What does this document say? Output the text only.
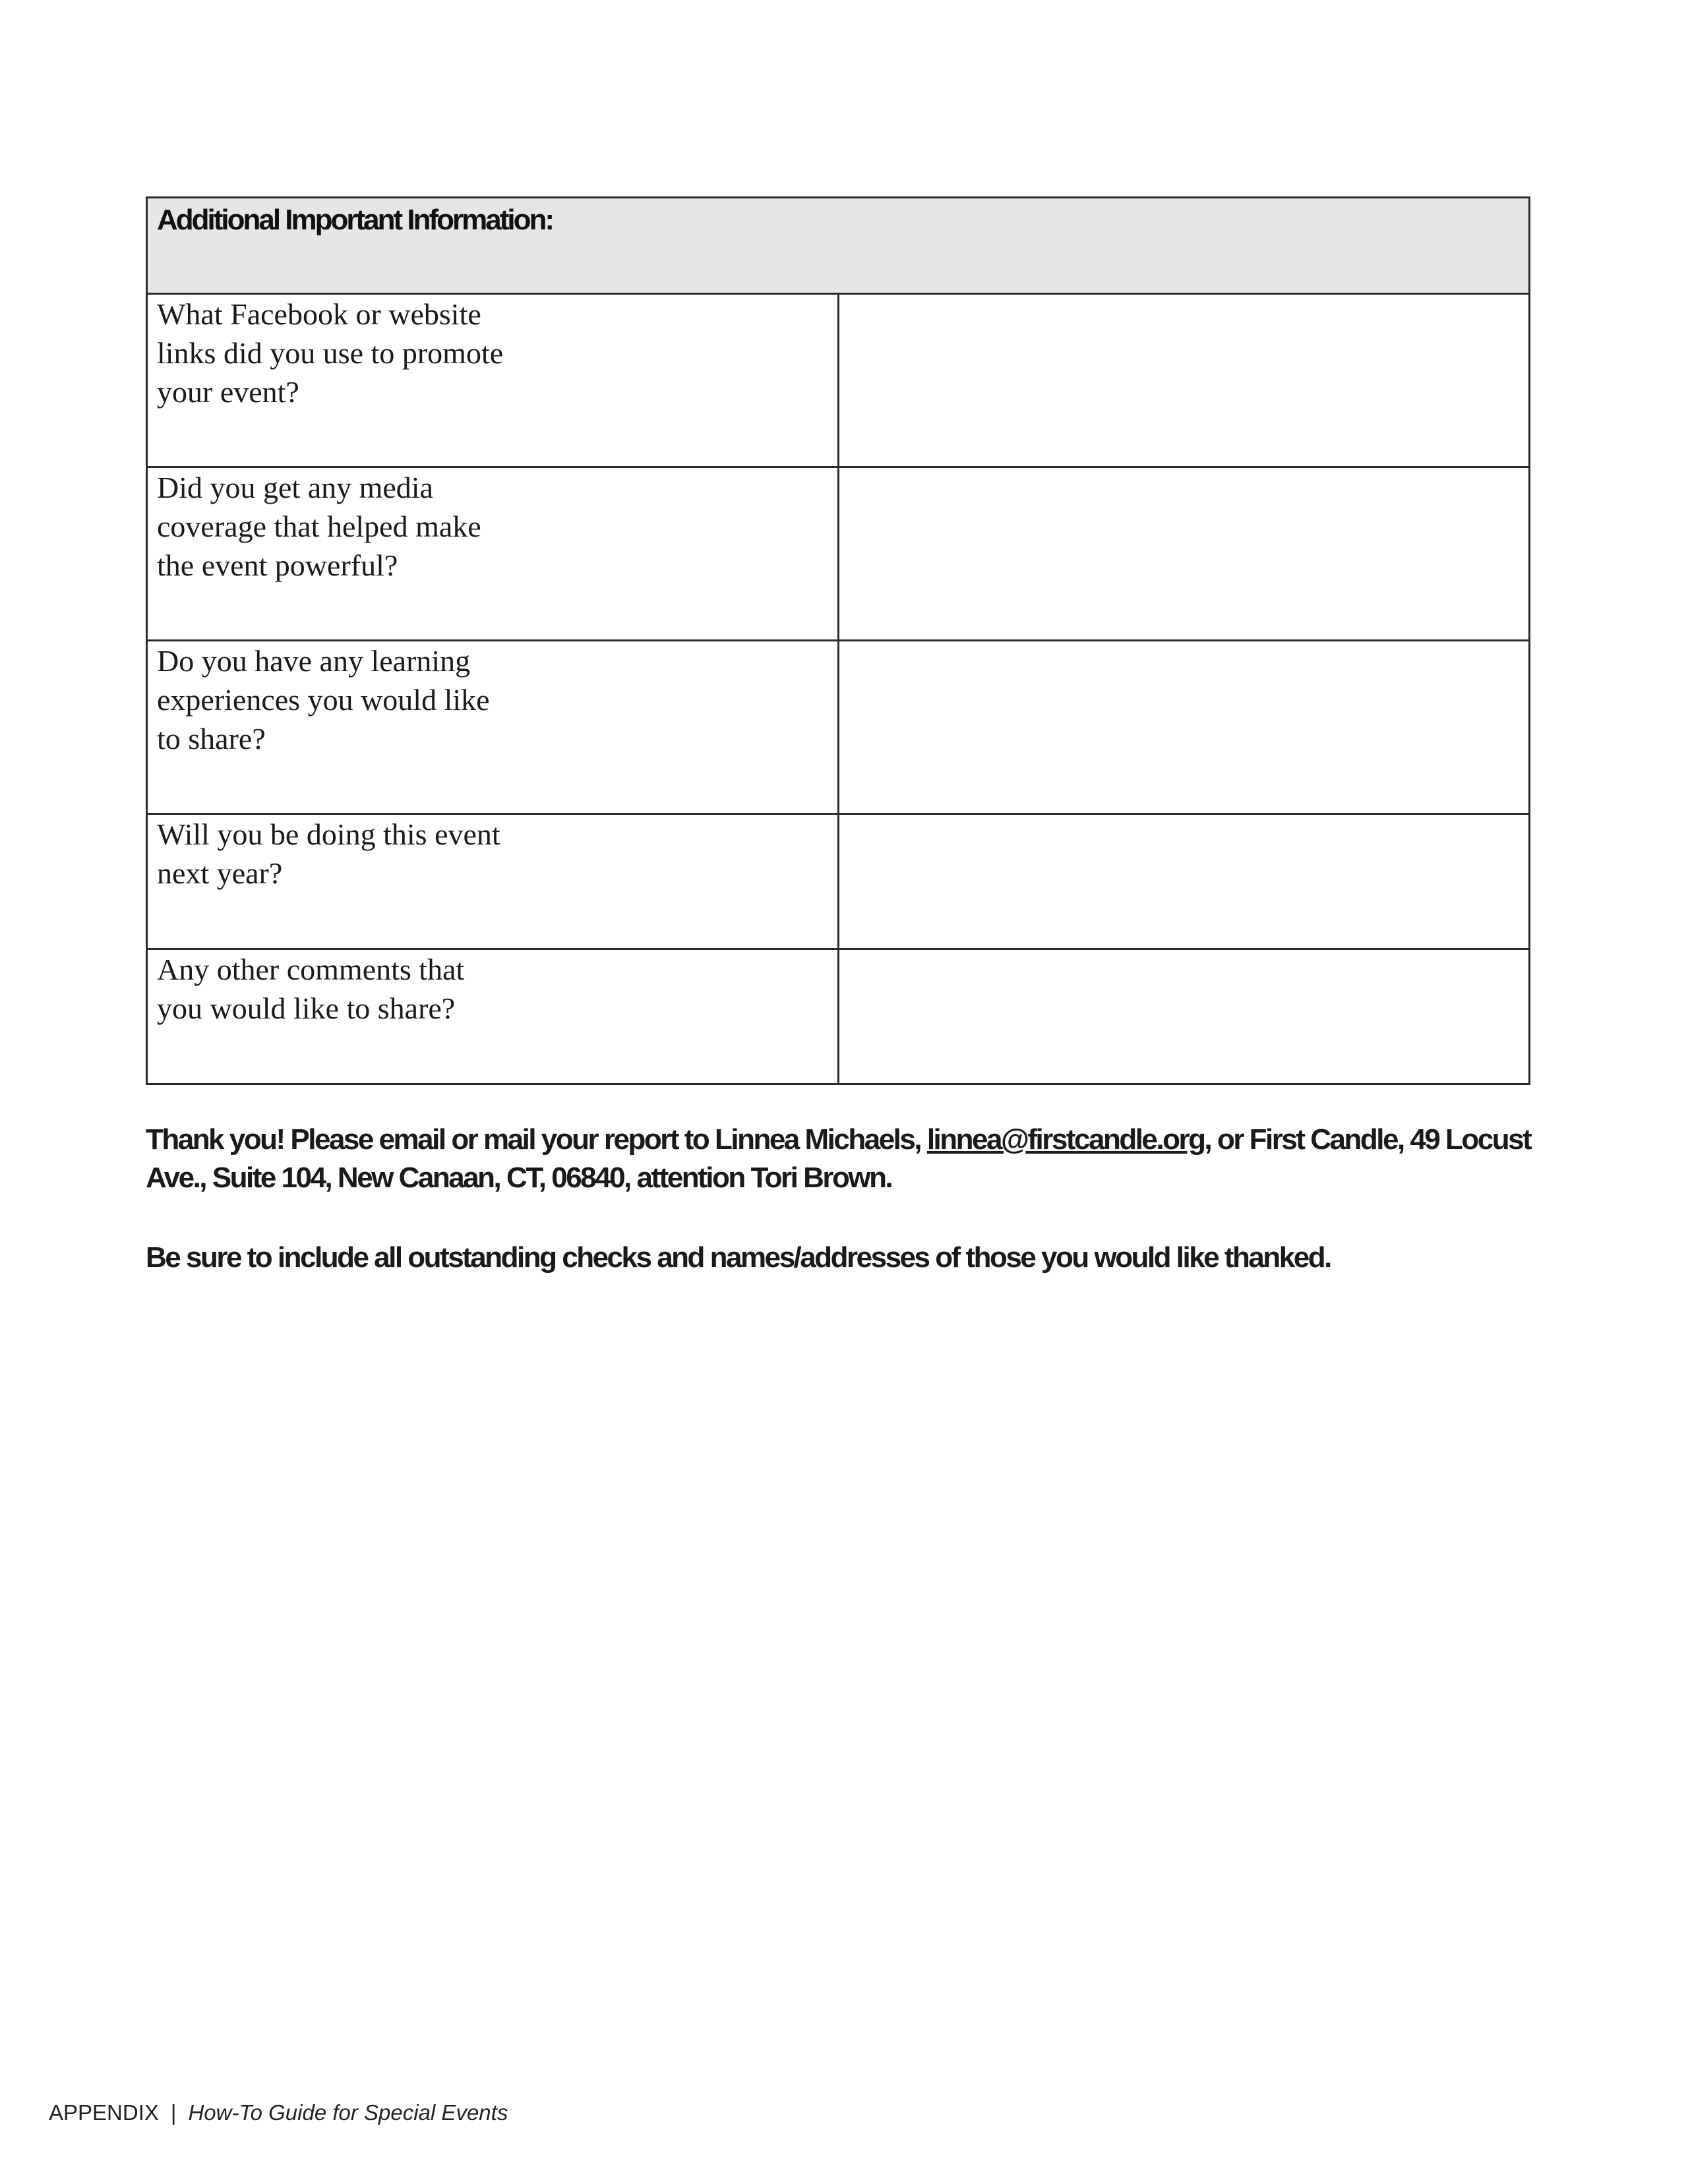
Additional Important Information:	

What Facebook or website
links did you use to promote
your event?	

Did you get any media
coverage that helped make
the event powerful?	

Do you have any learning
experiences you would like
to share?	

Will you be doing this event
next year?	

Any other comments that
you would like to share?	

Thank you! Please email or mail your report to Linnea Michaels, linnea@firstcandle.org, or First Candle, 49 Locust Ave., Suite 104, New Canaan, CT, 06840, attention Tori Brown.

Be sure to include all outstanding checks and names/addresses of those you would like thanked.

APPENDIX | How-To Guide for Special Events
